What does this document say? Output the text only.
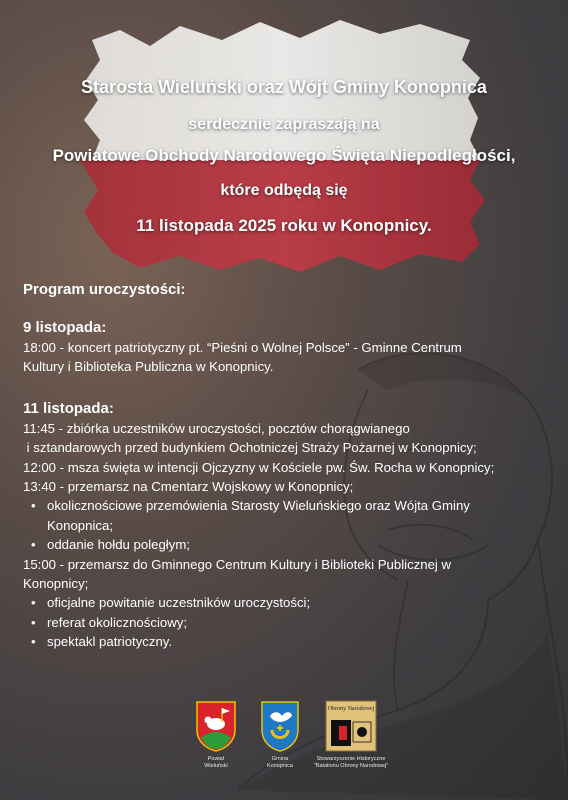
Starosta Wieluński oraz Wójt Gminy Konopnica
serdecznie zapraszają na
Powiatowe Obchody Narodowego Święta Niepodległości,
które odbędą się
11 listopada 2025 roku w Konopnicy.
Program uroczystości:
9 listopada:
18:00 - koncert patriotyczny pt. “Pieśni o Wolnej Polsce” - Gminne Centrum
Kultury i Biblioteka Publiczna w Konopnicy.
11 listopada:
11:45 - zbiórka uczestników uroczystości, pocztów chorągwianego
i sztandarowych przed budynkiem Ochotniczej Straży Pożarnej w Konopnicy;
12:00 - msza święta w intencji Ojczyzny w Kościele pw. Św. Rocha w Konopnicy;
13:40 - przemarsz na Cmentarz Wojskowy w Konopnicy;
• okolicznościowe przemówienia Starosty Wieluńskiego oraz Wójta Gminy Konopnica;
• oddanie hołdu poległym;
15:00 - przemarsz do Gminnego Centrum Kultury i Biblioteki Publicznej w Konopnicy;
• oficjalne powitanie uczestników uroczystości;
• referat okolicznościowy;
• spektakl patriotyczny.
Powiat
Wieluński
Gmina
Konopnica
Obrony Narodowej
Stowarzyszenie Historyczne
"Batalionu Obrony Narodowej"
